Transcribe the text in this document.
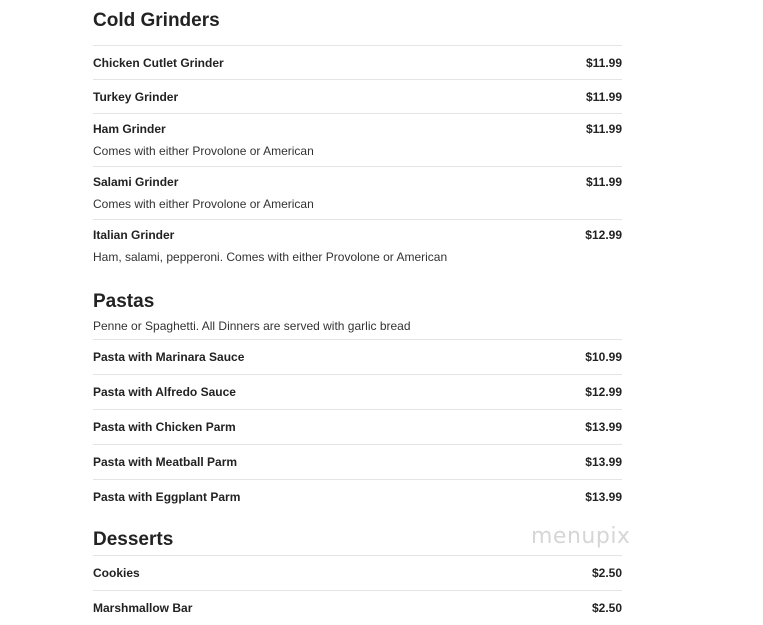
Cold Grinders
Chicken Cutlet Grinder	$11.99
Turkey Grinder	$11.99
Ham Grinder	$11.99
Comes with either Provolone or American
Salami Grinder	$11.99
Comes with either Provolone or American
Italian Grinder	$12.99
Ham, salami, pepperoni. Comes with either Provolone or American
Pastas
Penne or Spaghetti. All Dinners are served with garlic bread
Pasta with Marinara Sauce	$10.99
Pasta with Alfredo Sauce	$12.99
Pasta with Chicken Parm	$13.99
Pasta with Meatball Parm	$13.99
Pasta with Eggplant Parm	$13.99
Desserts
Cookies	$2.50
Marshmallow Bar	$2.50
menupix
